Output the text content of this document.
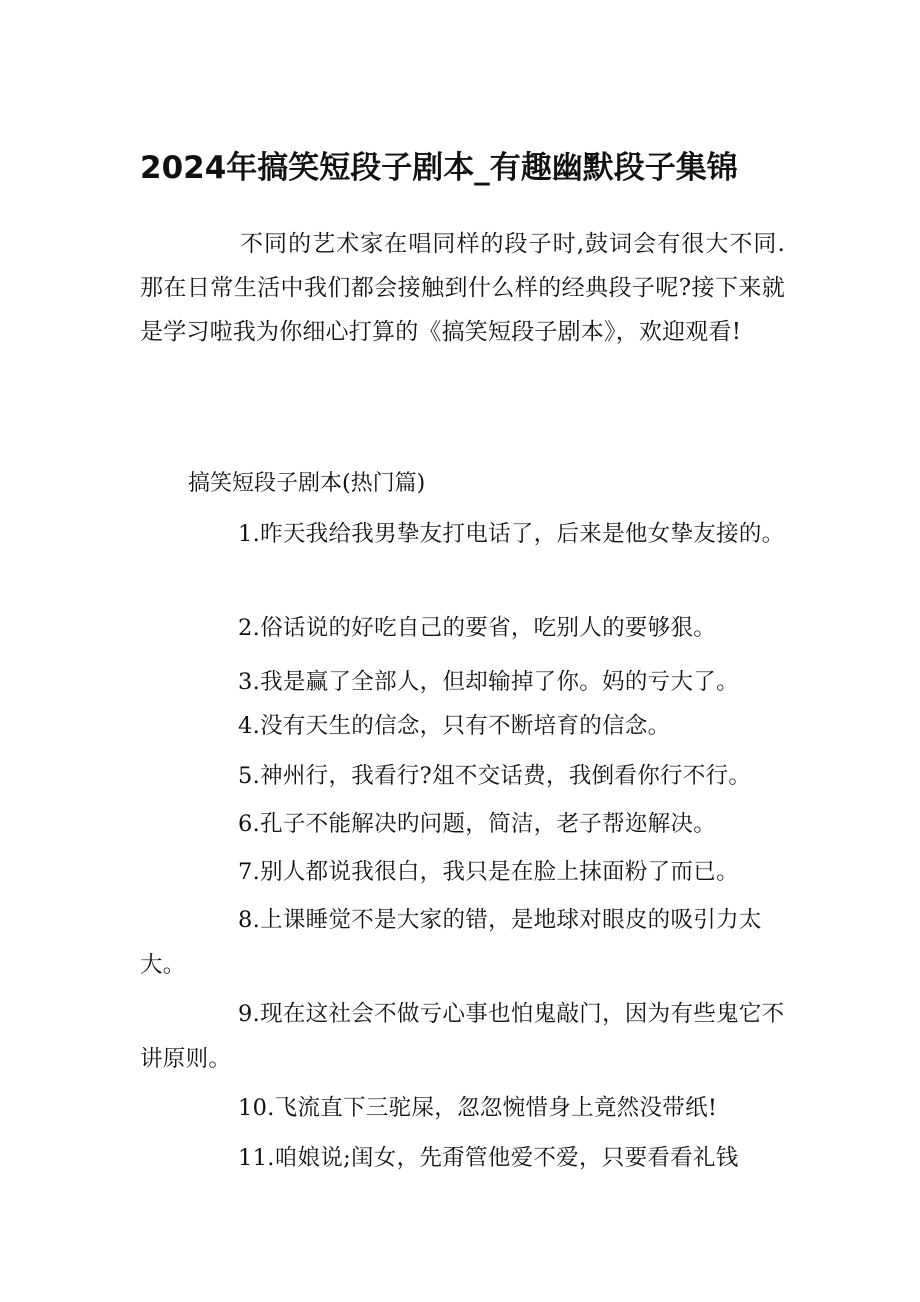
2024年搞笑短段子剧本_有趣幽默段子集锦

不同的艺术家在唱同样的段子时,鼓词会有很大不同.那在日常生活中我们都会接触到什么样的经典段子呢?接下来就是学习啦我为你细心打算的《搞笑短段子剧本》，欢迎观看!

搞笑短段子剧本(热门篇)

1.昨天我给我男挚友打电话了，后来是他女挚友接的。

2.俗话说的好吃自己的要省，吃别人的要够狠。

3.我是赢了全部人，但却输掉了你。妈的亏大了。

4.没有天生的信念，只有不断培育的信念。

5.神州行，我看行?俎不交话费，我倒看你行不行。

6.孔子不能解决旳问题，简洁，老子帮迩解决。

7.别人都说我很白，我只是在脸上抹面粉了而已。

8.上课睡觉不是大家的错，是地球对眼皮的吸引力太大。

9.现在这社会不做亏心事也怕鬼敲门，因为有些鬼它不讲原则。

10.飞流直下三驼屎，忽忽惋惜身上竟然没带纸!

11.咱娘说;闺女，先甭管他爱不爱，只要看看礼钱
